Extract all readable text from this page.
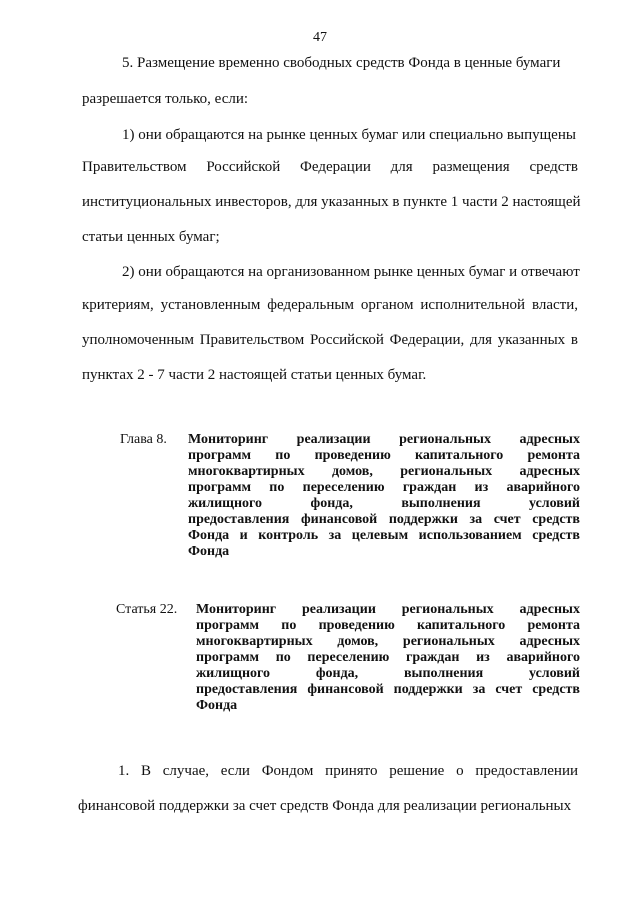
47
5. Размещение временно свободных средств Фонда в ценные бумаги
разрешается только, если:
1) они обращаются на рынке ценных бумаг или специально выпущены
Правительством Российской Федерации для размещения средств
институциональных инвесторов, для указанных в пункте 1 части 2 настоящей
статьи ценных бумаг;
2) они обращаются на организованном рынке ценных бумаг и отвечают
критериям, установленным федеральным органом исполнительной власти,
уполномоченным Правительством Российской Федерации, для указанных в
пунктах 2 - 7 части 2 настоящей статьи ценных бумаг.
Глава 8. Мониторинг реализации региональных адресных
программ по проведению капитального ремонта
многоквартирных домов, региональных адресных
программ по переселению граждан из аварийного
жилищного фонда, выполнения условий
предоставления финансовой поддержки за счет средств
Фонда и контроль за целевым использованием средств
Фонда
Статья 22. Мониторинг реализации региональных адресных
программ по проведению капитального ремонта
многоквартирных домов, региональных адресных
программ по переселению граждан из аварийного
жилищного фонда, выполнения условий
предоставления финансовой поддержки за счет средств
Фонда
1. В случае, если Фондом принято решение о предоставлении
финансовой поддержки за счет средств Фонда для реализации региональных
